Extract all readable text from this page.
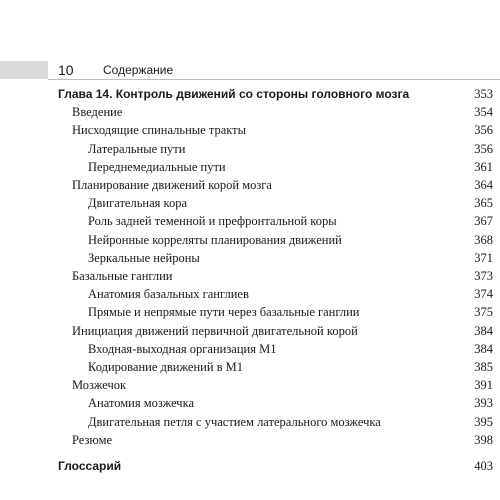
10 Содержание
Глава 14. Контроль движений со стороны головного мозга	353
Введение	354
Нисходящие спинальные тракты	356
Латеральные пути	356
Переднемедиальные пути	361
Планирование движений корой мозга	364
Двигательная кора	365
Роль задней теменной и префронтальной коры	367
Нейронные корреляты планирования движений	368
Зеркальные нейроны	371
Базальные ганглии	373
Анатомия базальных ганглиев	374
Прямые и непрямые пути через базальные ганглии	375
Инициация движений первичной двигательной корой	384
Входная-выходная организация М1	384
Кодирование движений в М1	385
Мозжечок	391
Анатомия мозжечка	393
Двигательная петля с участием латерального мозжечка	395
Резюме	398
Глоссарий	403
